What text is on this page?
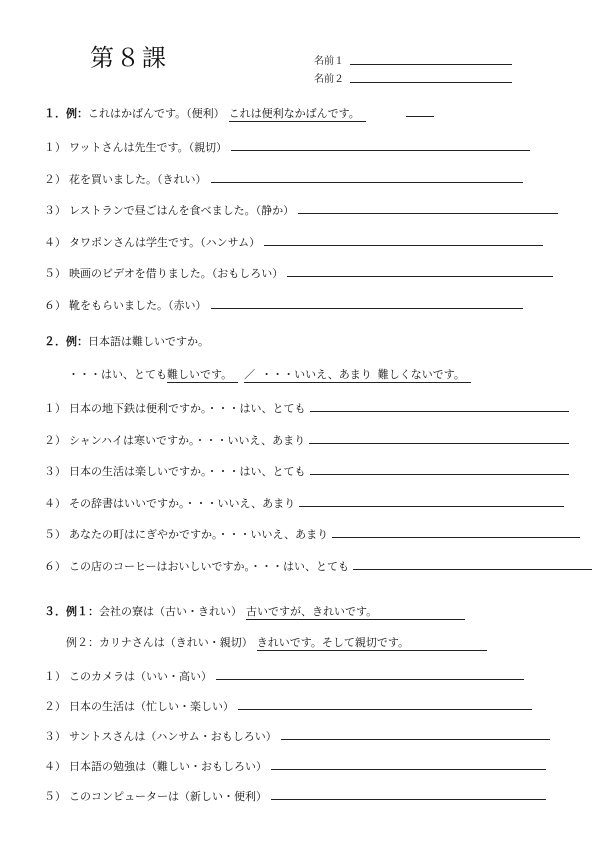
第８課	名前１
名前２
１．例： これはかばんです。（便利） これは便利なかばんです。
１） ワットさんは先生です。（親切）
２） 花を買いました。（きれい）
３） レストランで昼ごはんを食べました。（静か）
４） タワポンさんは学生です。（ハンサム）
５） 映画のビデオを借りました。（おもしろい）
６） 靴をもらいました。（赤い）
２．例： 日本語は難しいですか。
・・・はい、とても 難しいです。	／ ・・・いいえ、あまり 難しくないです。
１） 日本の地下鉄は便利ですか。・・・はい、とても
２） シャンハイは寒いですか。・・・いいえ、あまり
３） 日本の生活は楽しいですか。・・・はい、とても
４） その辞書はいいですか。・・・いいえ、あまり
５） あなたの町はにぎやかですか。・・・いいえ、あまり
６） この店のコーヒーはおいしいですか。・・・はい、とても
３．例１： 会社の寮は（古い・きれい） 古いですが、きれいです。
例２： カリナさんは（きれい・親切） きれいです。そして親切です。
１） このカメラは（いい・高い）
２） 日本の生活は（忙しい・楽しい）
３） サントスさんは（ハンサム・おもしろい）
４） 日本語の勉強は（難しい・おもしろい）
５） このコンピューターは（新しい・便利）
